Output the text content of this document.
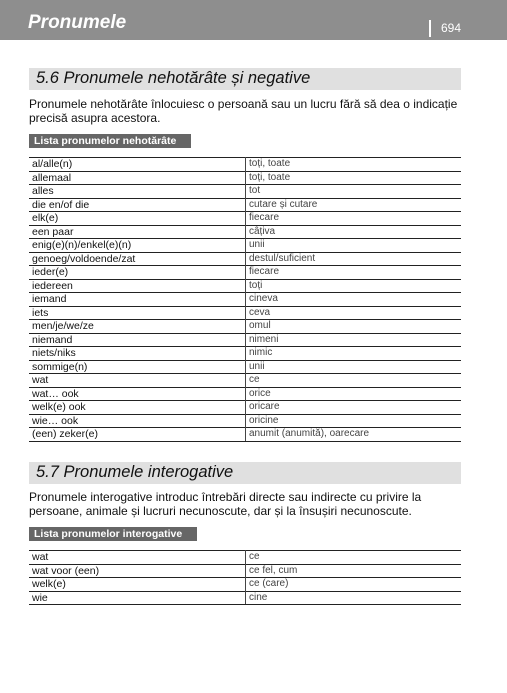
Pronumele	694
5.6 Pronumele nehotărâte și negative
Pronumele nehotărâte înlocuiesc o persoană sau un lucru fără să dea o indicație
precisă asupra acestora.
Lista pronumelor nehotărâte
al/alle(n)	toți, toate
allemaal	toți, toate
alles	tot
die en/of die	cutare și cutare
elk(e)	fiecare
een paar	câțiva
enig(e)(n)/enkel(e)(n)	unii
genoeg/voldoende/zat	destul/suficient
ieder(e)	fiecare
iedereen	toți
iemand	cineva
iets	ceva
men/je/we/ze	omul
niemand	nimeni
niets/niks	nimic
sommige(n)	unii
wat	ce
wat… ook	orice
welk(e) ook	oricare
wie… ook	oricine
(een) zeker(e)	anumit (anumită), oarecare
5.7 Pronumele interogative
Pronumele interogative introduc întrebări directe sau indirecte cu privire la
persoane, animale și lucruri necunoscute, dar și la însușiri necunoscute.
Lista pronumelor interogative
wat	ce
wat voor (een)	ce fel, cum
welk(e)	ce (care)
wie	cine
